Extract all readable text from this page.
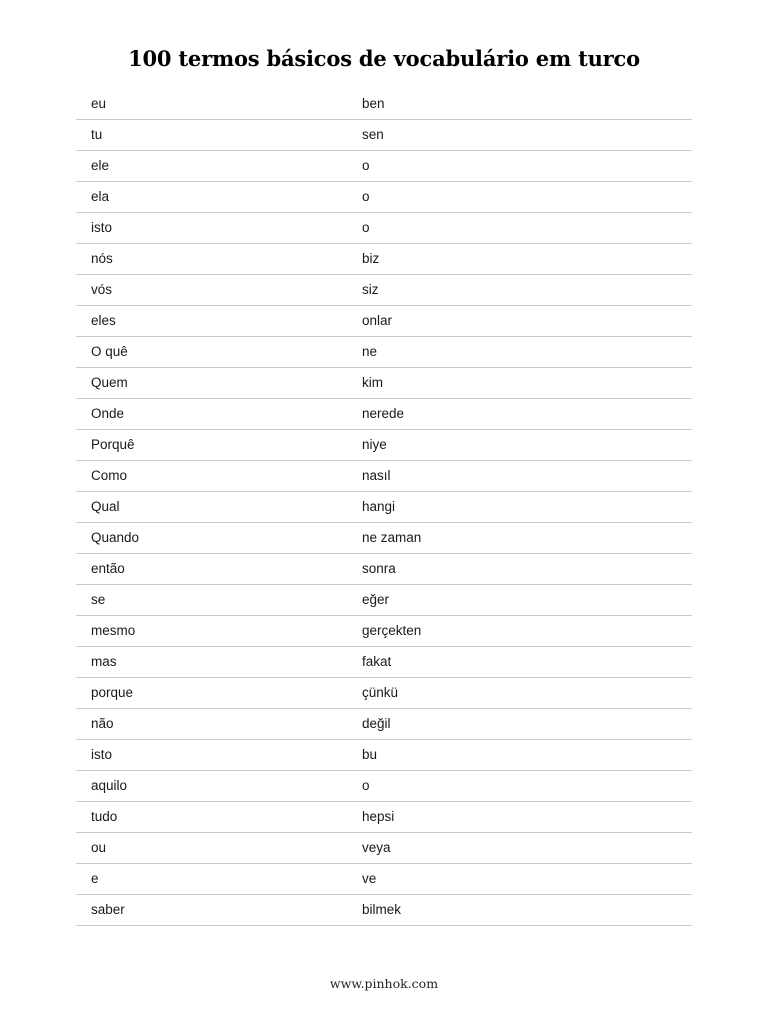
100 termos básicos de vocabulário em turco
eu	ben
tu	sen
ele	o
ela	o
isto	o
nós	biz
vós	siz
eles	onlar
O quê	ne
Quem	kim
Onde	nerede
Porquê	niye
Como	nasıl
Qual	hangi
Quando	ne zaman
então	sonra
se	eğer
mesmo	gerçekten
mas	fakat
porque	çünkü
não	değil
isto	bu
aquilo	o
tudo	hepsi
ou	veya
e	ve
saber	bilmek
www.pinhok.com
